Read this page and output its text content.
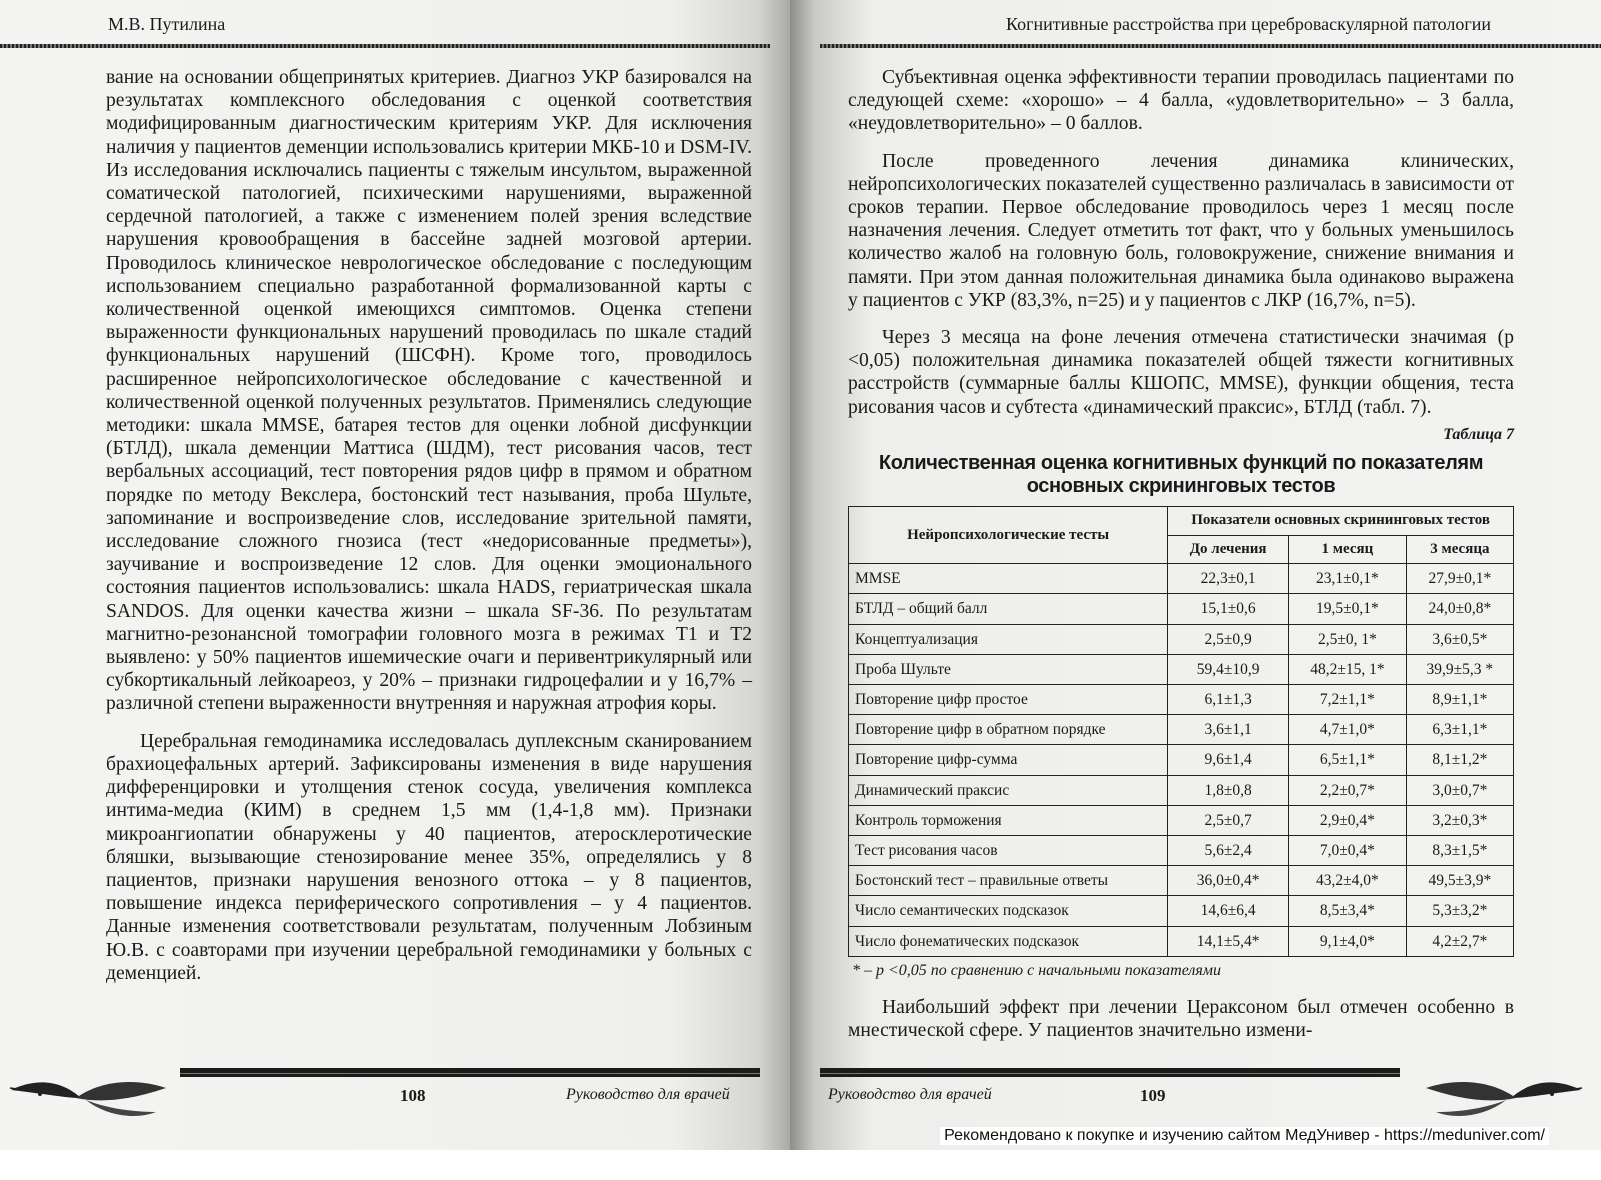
М.В. Путилина

вание на основании общепринятых критериев. Диагноз УКР базировался на результатах комплексного обследования с оценкой соответствия модифицированным диагностическим критериям УКР. Для исключения наличия у пациентов деменции использовались критерии МКБ-10 и DSM-IV. Из исследования исключались пациенты с тяжелым инсультом, выраженной соматической патологией, психическими нарушениями, выраженной сердечной патологией, а также с изменением полей зрения вследствие нарушения кровообращения в бассейне задней мозговой артерии. Проводилось клиническое неврологическое обследование с последующим использованием специально разработанной формализованной карты с количественной оценкой имеющихся симптомов. Оценка степени выраженности функциональных нарушений проводилась по шкале стадий функциональных нарушений (ШСФН). Кроме того, проводилось расширенное нейропсихологическое обследование с качественной и количественной оценкой полученных результатов. Применялись следующие методики: шкала MMSE, батарея тестов для оценки лобной дисфункции (БТЛД), шкала деменции Маттиса (ШДМ), тест рисования часов, тест вербальных ассоциаций, тест повторения рядов цифр в прямом и обратном порядке по методу Векслера, бостонский тест называния, проба Шульте, запоминание и воспроизведение слов, исследование зрительной памяти, исследование сложного гнозиса (тест «недорисованные предметы»), заучивание и воспроизведение 12 слов. Для оценки эмоционального состояния пациентов использовались: шкала HADS, гериатрическая шкала SANDOS. Для оценки качества жизни – шкала SF-36. По результатам магнитно-резонансной томографии головного мозга в режимах Т1 и Т2 выявлено: у 50% пациентов ишемические очаги и перивентрикулярный или субкортикальный лейкоареоз, у 20% – признаки гидроцефалии и у 16,7% – различной степени выраженности внутренняя и наружная атрофия коры.

Церебральная гемодинамика исследовалась дуплексным сканированием брахиоцефальных артерий. Зафиксированы изменения в виде нарушения дифференцировки и утолщения стенок сосуда, увеличения комплекса интима-медиа (КИМ) в среднем 1,5 мм (1,4-1,8 мм). Признаки микроангиопатии обнаружены у 40 пациентов, атеросклеротические бляшки, вызывающие стенозирование менее 35%, определялись у 8 пациентов, признаки нарушения венозного оттока – у 8 пациентов, повышение индекса периферического сопротивления – у 4 пациентов. Данные изменения соответствовали результатам, полученным Лобзиным Ю.В. с соавторами при изучении церебральной гемодинамики у больных с деменцией.

108	Руководство для врачей
Когнитивные расстройства при цереброваскулярной патологии

Субъективная оценка эффективности терапии проводилась пациентами по следующей схеме: «хорошо» – 4 балла, «удовлетворительно» – 3 балла, «неудовлетворительно» – 0 баллов.

После проведенного лечения динамика клинических, нейропсихологических показателей существенно различалась в зависимости от сроков терапии. Первое обследование проводилось через 1 месяц после назначения лечения. Следует отметить тот факт, что у больных уменьшилось количество жалоб на головную боль, головокружение, снижение внимания и памяти. При этом данная положительная динамика была одинаково выражена у пациентов с УКР (83,3%, n=25) и у пациентов с ЛКР (16,7%, n=5).

Через 3 месяца на фоне лечения отмечена статистически значимая (р <0,05) положительная динамика показателей общей тяжести когнитивных расстройств (суммарные баллы КШОПС, MMSE), функции общения, теста рисования часов и субтеста «динамический праксис», БТЛД (табл. 7).

Таблица 7
Количественная оценка когнитивных функций по показателям основных скрининговых тестов
Нейропсихологические тесты	Показатели основных скрининговых тестов		
	До лечения	1 месяц	3 месяца
MMSE	22,3±0,1	23,1±0,1*	27,9±0,1*
БТЛД – общий балл	15,1±0,6	19,5±0,1*	24,0±0,8*
Концептуализация	2,5±0,9	2,5±0, 1*	3,6±0,5*
Проба Шульте	59,4±10,9	48,2±15, 1*	39,9±5,3 *
Повторение цифр простое	6,1±1,3	7,2±1,1*	8,9±1,1*
Повторение цифр в обратном порядке	3,6±1,1	4,7±1,0*	6,3±1,1*
Повторение цифр-сумма	9,6±1,4	6,5±1,1*	8,1±1,2*
Динамический праксис	1,8±0,8	2,2±0,7*	3,0±0,7*
Контроль торможения	2,5±0,7	2,9±0,4*	3,2±0,3*
Тест рисования часов	5,6±2,4	7,0±0,4*	8,3±1,5*
Бостонский тест – правильные ответы	36,0±0,4*	43,2±4,0*	49,5±3,9*
Число семантических подсказок	14,6±6,4	8,5±3,4*	5,3±3,2*
Число фонематических подсказок	14,1±5,4*	9,1±4,0*	4,2±2,7*
* – р <0,05 по сравнению с начальными показателями

Наибольший эффект при лечении Цераксоном был отмечен особенно в мнестической сфере. У пациентов значительно измени-

Руководство для врачей	109
Рекомендовано к покупке и изучению сайтом МедУнивер - https://meduniver.com/
